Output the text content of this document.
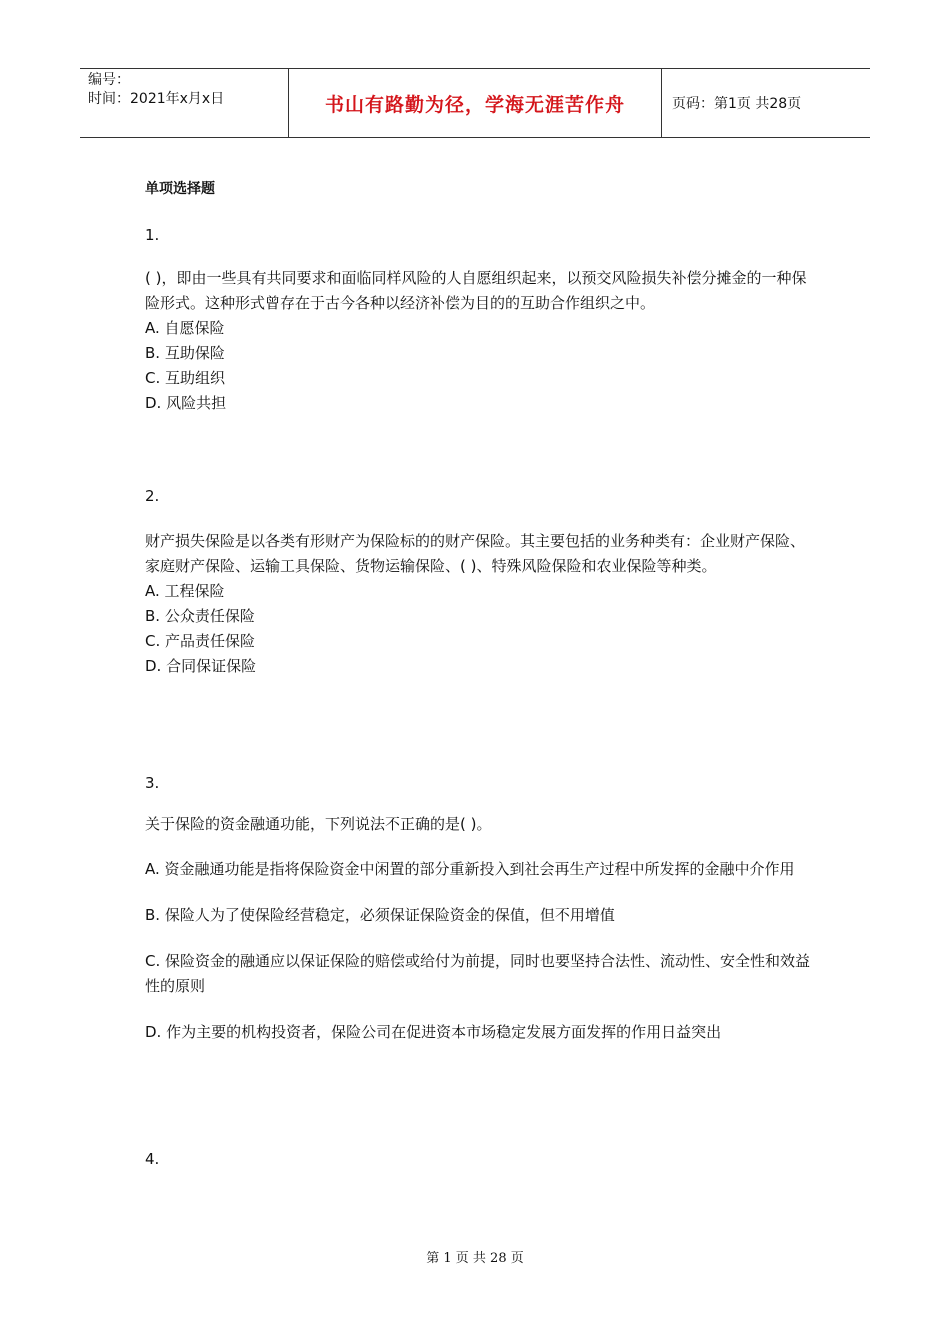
编号：
时间：2021年x月x日	书山有路勤为径，学海无涯苦作舟	页码：第1页 共28页
单项选择题
1.
( )，即由一些具有共同要求和面临同样风险的人自愿组织起来，以预交风险损失补偿分摊金的一种保险形式。这种形式曾存在于古今各种以经济补偿为目的的互助合作组织之中。
A. 自愿保险
B. 互助保险
C. 互助组织
D. 风险共担
2.
财产损失保险是以各类有形财产为保险标的的财产保险。其主要包括的业务种类有：企业财产保险、家庭财产保险、运输工具保险、货物运输保险、( )、特殊风险保险和农业保险等种类。
A. 工程保险
B. 公众责任保险
C. 产品责任保险
D. 合同保证保险
3.
关于保险的资金融通功能，下列说法不正确的是( )。
A. 资金融通功能是指将保险资金中闲置的部分重新投入到社会再生产过程中所发挥的金融中介作用
B. 保险人为了使保险经营稳定，必须保证保险资金的保值，但不用增值
C. 保险资金的融通应以保证保险的赔偿或给付为前提，同时也要坚持合法性、流动性、安全性和效益性的原则
D. 作为主要的机构投资者，保险公司在促进资本市场稳定发展方面发挥的作用日益突出
4.
第 1 页 共 28 页
